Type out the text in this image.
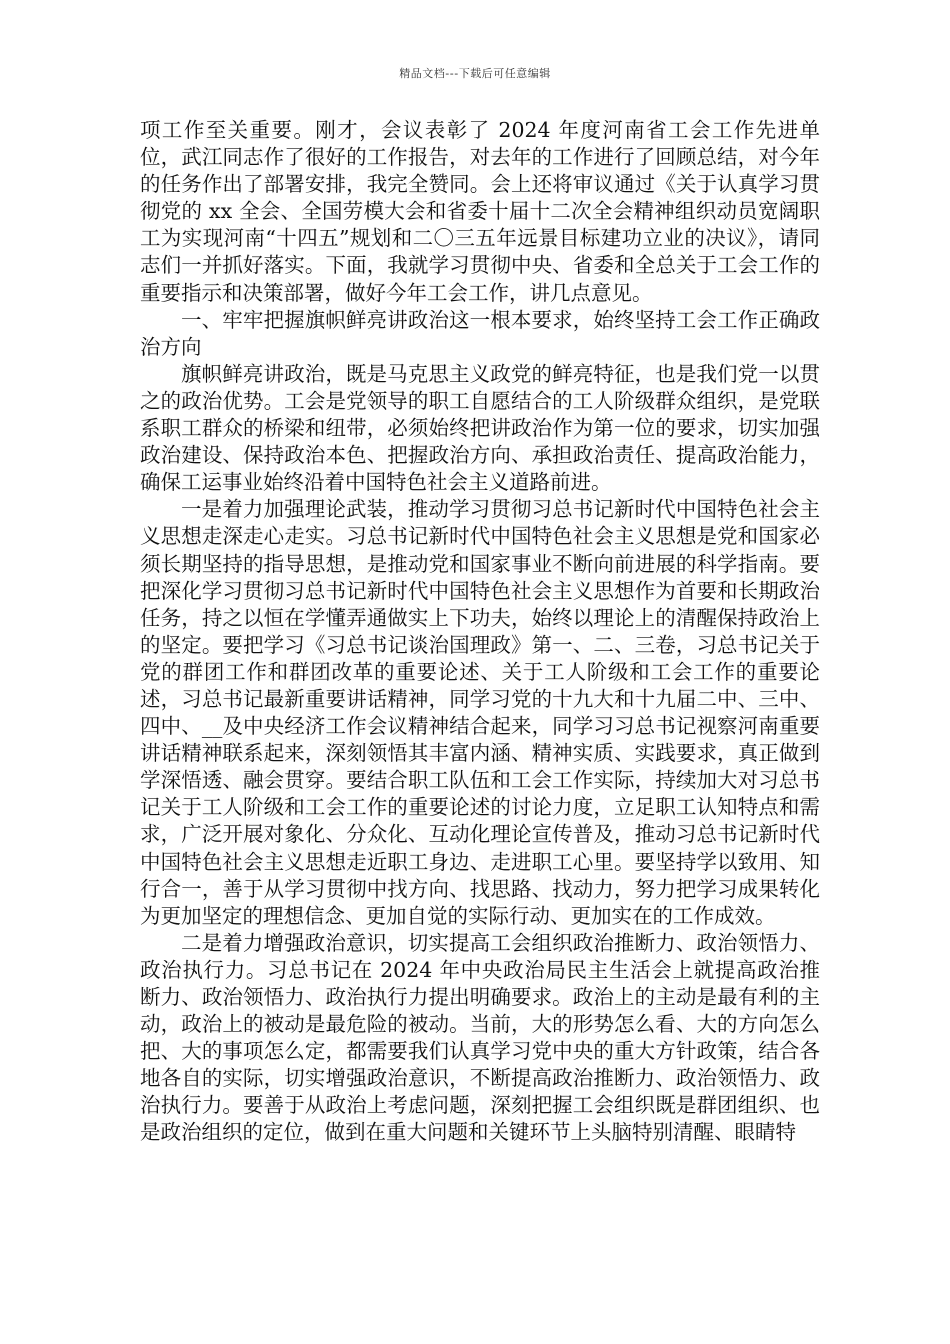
精品文档---下载后可任意编辑

项工作至关重要。刚才，会议表彰了 2024 年度河南省工会工作先进单位，武江同志作了很好的工作报告，对去年的工作进行了回顾总结，对今年的任务作出了部署安排，我完全赞同。会上还将审议通过《关于认真学习贯彻党的 xx 全会、全国劳模大会和省委十届十二次全会精神组织动员宽阔职工为实现河南“十四五”规划和二〇三五年远景目标建功立业的决议》，请同志们一并抓好落实。下面，我就学习贯彻中央、省委和全总关于工会工作的重要指示和决策部署，做好今年工会工作，讲几点意见。

一、牢牢把握旗帜鲜亮讲政治这一根本要求，始终坚持工会工作正确政治方向

旗帜鲜亮讲政治，既是马克思主义政党的鲜亮特征，也是我们党一以贯之的政治优势。工会是党领导的职工自愿结合的工人阶级群众组织，是党联系职工群众的桥梁和纽带，必须始终把讲政治作为第一位的要求，切实加强政治建设、保持政治本色、把握政治方向、承担政治责任、提高政治能力，确保工运事业始终沿着中国特色社会主义道路前进。

一是着力加强理论武装，推动学习贯彻习总书记新时代中国特色社会主义思想走深走心走实。习总书记新时代中国特色社会主义思想是党和国家必须长期坚持的指导思想，是推动党和国家事业不断向前进展的科学指南。要把深化学习贯彻习总书记新时代中国特色社会主义思想作为首要和长期政治任务，持之以恒在学懂弄通做实上下功夫，始终以理论上的清醒保持政治上的坚定。要把学习《习总书记谈治国理政》第一、二、三卷，习总书记关于党的群团工作和群团改革的重要论述、关于工人阶级和工会工作的重要论述，习总书记最新重要讲话精神，同学习党的十九大和十九届二中、三中、四中、__及中央经济工作会议精神结合起来，同学习习总书记视察河南重要讲话精神联系起来，深刻领悟其丰富内涵、精神实质、实践要求，真正做到学深悟透、融会贯穿。要结合职工队伍和工会工作实际，持续加大对习总书记关于工人阶级和工会工作的重要论述的讨论力度，立足职工认知特点和需求，广泛开展对象化、分众化、互动化理论宣传普及，推动习总书记新时代中国特色社会主义思想走近职工身边、走进职工心里。要坚持学以致用、知行合一，善于从学习贯彻中找方向、找思路、找动力，努力把学习成果转化为更加坚定的理想信念、更加自觉的实际行动、更加实在的工作成效。

二是着力增强政治意识，切实提高工会组织政治推断力、政治领悟力、政治执行力。习总书记在 2024 年中央政治局民主生活会上就提高政治推断力、政治领悟力、政治执行力提出明确要求。政治上的主动是最有利的主动，政治上的被动是最危险的被动。当前，大的形势怎么看、大的方向怎么把、大的事项怎么定，都需要我们认真学习党中央的重大方针政策，结合各地各自的实际，切实增强政治意识，不断提高政治推断力、政治领悟力、政治执行力。要善于从政治上考虑问题，深刻把握工会组织既是群团组织、也是政治组织的定位，做到在重大问题和关键环节上头脑特别清醒、眼睛特
